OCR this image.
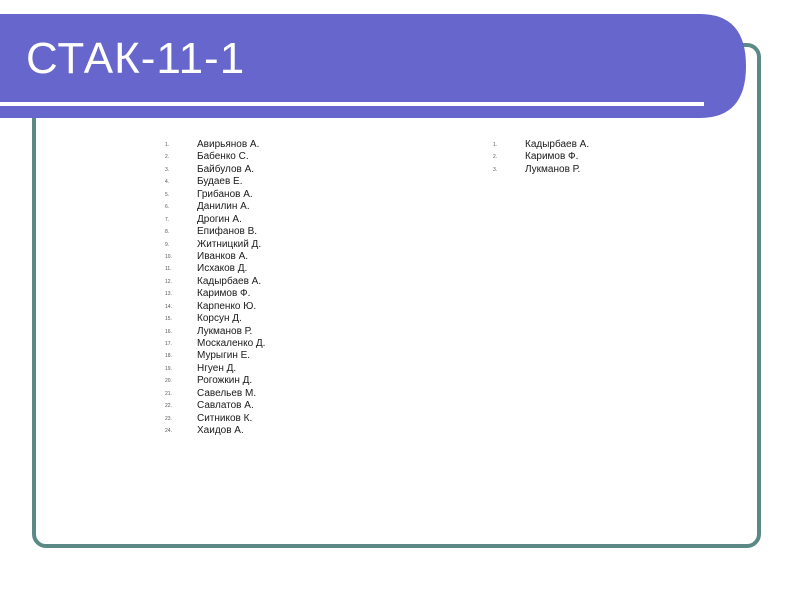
СТАК-11-1
1.	Авирьянов А.
2.	Бабенко С.
3.	Байбулов А.
4.	Будаев Е.
5.	Грибанов А.
6.	Данилин А.
7.	Дрогин А.
8.	Епифанов В.
9.	Житницкий Д.
10.	Иванков А.
11.	Исхаков Д.
12.	Кадырбаев А.
13.	Каримов Ф.
14.	Карпенко Ю.
15.	Корсун Д.
16.	Лукманов Р.
17.	Москаленко Д.
18.	Мурыгин Е.
19.	Нгуен Д.
20.	Рогожкин Д.
21.	Савельев М.
22.	Савлатов А.
23.	Ситников К.
24.	Хаидов А.
1.	Кадырбаев А.
2.	Каримов Ф.
3.	Лукманов Р.
